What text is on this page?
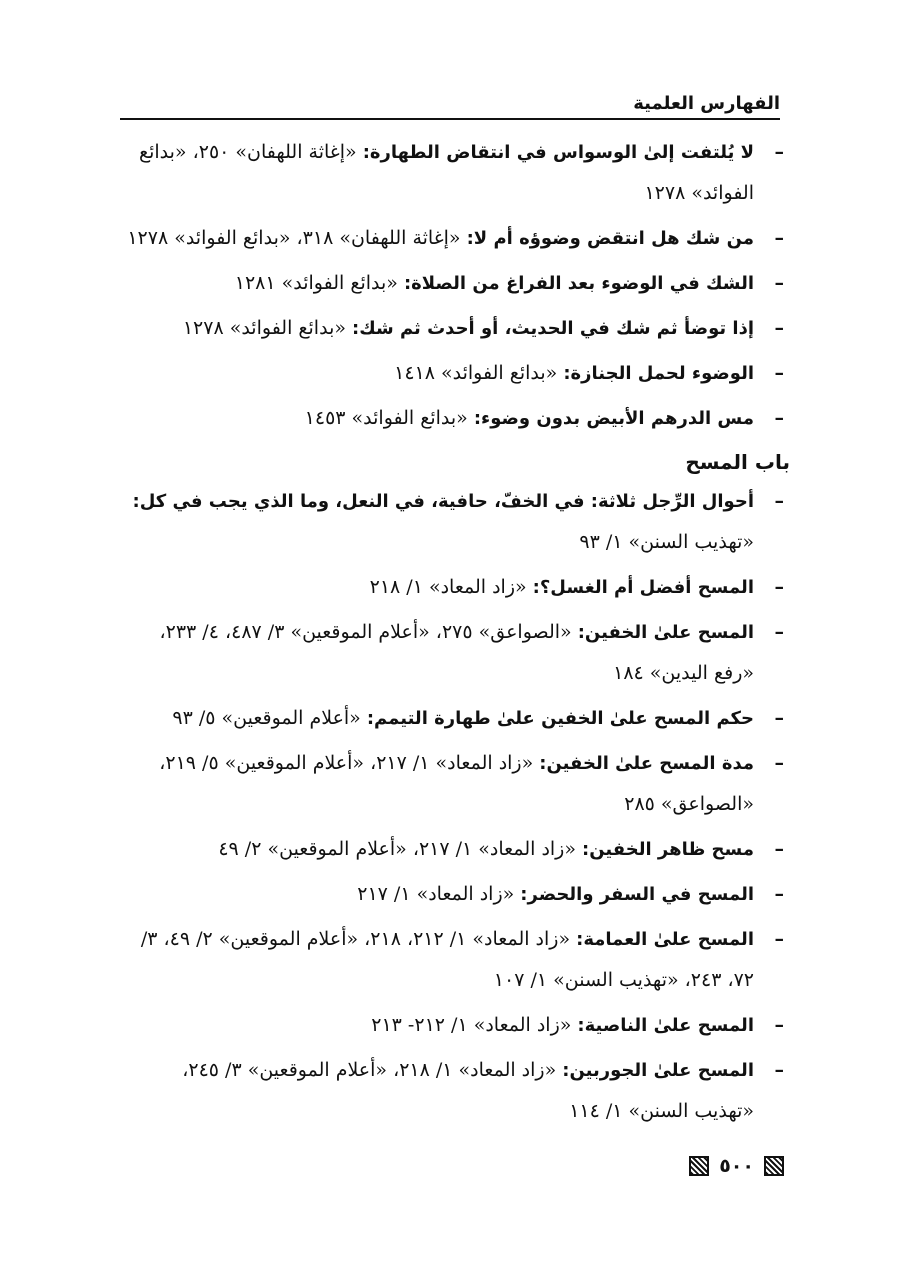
الفهارس العلمية
–
لا يُلتفت إلىٰ الوسواس في انتقاض الطهارة: «إغاثة اللهفان» ٢٥٠، «بدائع الفوائد» ١٢٧٨
–
من شك هل انتقض وضوؤه أم لا: «إغاثة اللهفان» ٣١٨، «بدائع الفوائد» ١٢٧٨
–
الشك في الوضوء بعد الفراغ من الصلاة: «بدائع الفوائد» ١٢٨١
–
إذا توضأ ثم شك في الحديث، أو أحدث ثم شك: «بدائع الفوائد» ١٢٧٨
–
الوضوء لحمل الجنازة: «بدائع الفوائد» ١٤١٨
–
مس الدرهم الأبيض بدون وضوء: «بدائع الفوائد» ١٤٥٣
باب المسح
–
أحوال الرِّجل ثلاثة: في الخفّ، حافية، في النعل، وما الذي يجب في كل: «تهذيب السنن» ١/ ٩٣
–
المسح أفضل أم الغسل؟: «زاد المعاد» ١/ ٢١٨
–
المسح علىٰ الخفين: «الصواعق» ٢٧٥، «أعلام الموقعين» ٣/ ٤٨٧، ٤/ ٢٣٣، «رفع اليدين» ١٨٤
–
حكم المسح علىٰ الخفين علىٰ طهارة التيمم: «أعلام الموقعين» ٥/ ٩٣
–
مدة المسح علىٰ الخفين: «زاد المعاد» ١/ ٢١٧، «أعلام الموقعين» ٥/ ٢١٩، «الصواعق» ٢٨٥
–
مسح ظاهر الخفين: «زاد المعاد» ١/ ٢١٧، «أعلام الموقعين» ٢/ ٤٩
–
المسح في السفر والحضر: «زاد المعاد» ١/ ٢١٧
–
المسح علىٰ العمامة: «زاد المعاد» ١/ ٢١٢، ٢١٨، «أعلام الموقعين» ٢/ ٤٩، ٣/ ٧٢، ٢٤٣، «تهذيب السنن» ١/ ١٠٧
–
المسح علىٰ الناصية: «زاد المعاد» ١/ ٢١٢- ٢١٣
–
المسح علىٰ الجوربين: «زاد المعاد» ١/ ٢١٨، «أعلام الموقعين» ٣/ ٢٤٥، «تهذيب السنن» ١/ ١١٤
٥٠٠
